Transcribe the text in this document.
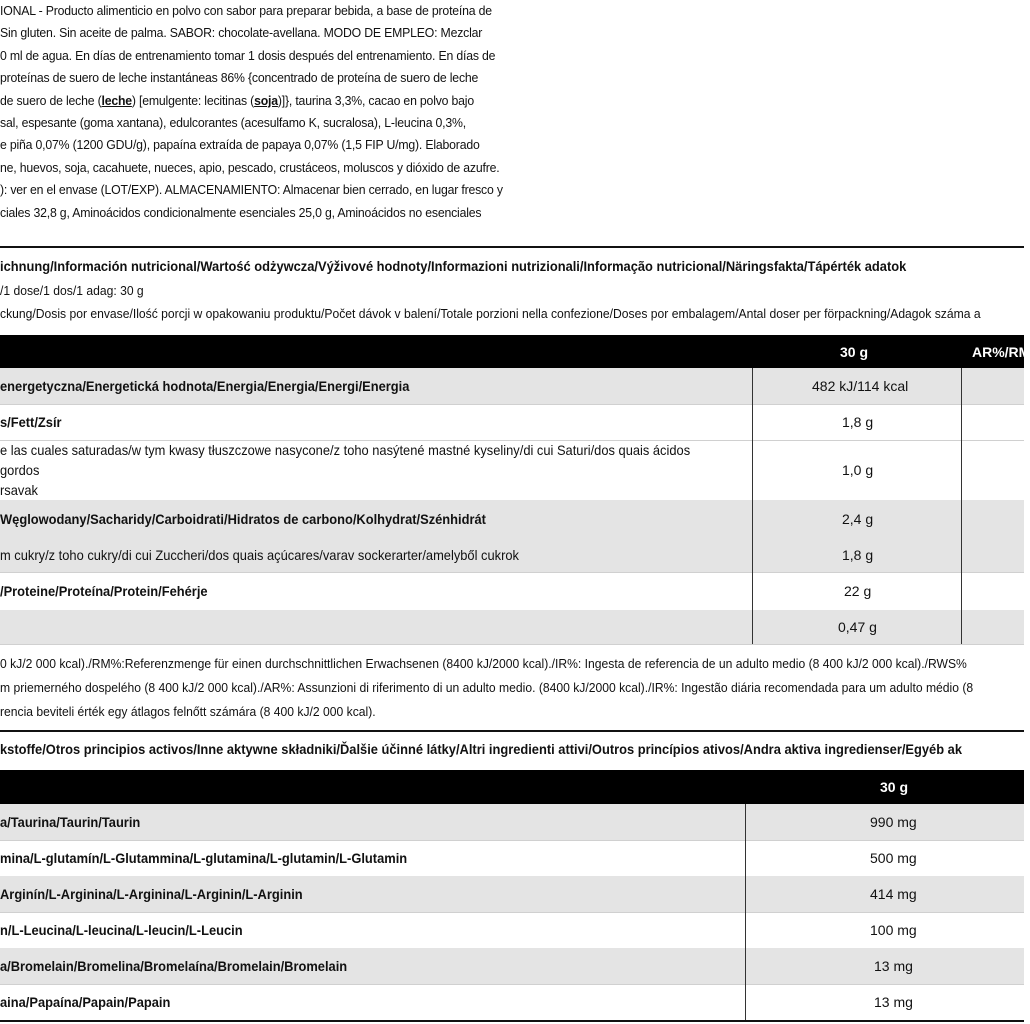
IONAL - Producto alimenticio en polvo con sabor para preparar bebida, a base de proteína de
Sin gluten. Sin aceite de palma. SABOR: chocolate-avellana. MODO DE EMPLEO: Mezclar
0 ml de agua. En días de entrenamiento tomar 1 dosis después del entrenamiento. En días de
proteínas de suero de leche instantáneas 86% {concentrado de proteína de suero de leche
de suero de leche (leche) [emulgente: lecitinas (soja)]}, taurina 3,3%, cacao en polvo bajo
sal, espesante (goma xantana), edulcorantes (acesulfamo K, sucralosa), L-leucina 0,3%,
e piña 0,07% (1200 GDU/g), papaína extraída de papaya 0,07% (1,5 FIP U/mg). Elaborado
ne, huevos, soja, cacahuete, nueces, apio, pescado, crustáceos, moluscos y dióxido de azufre.
): ver en el envase (LOT/EXP). ALMACENAMIENTO: Almacenar bien cerrado, en lugar fresco y
ciales 32,8 g, Aminoácidos condicionalmente esenciales 25,0 g, Aminoácidos no esenciales
ichnung/Información nutricional/Wartość odżywcza/Výživové hodnoty/Informazioni nutrizionali/Informação nutricional/Näringsfakta/Tápérték adatok
/1 dose/1 dos/1 adag: 30 g
ckung/Dosis por envase/Ilość porcji w opakowaniu produktu/Počet dávok v balení/Totale porzioni nella confezione/Doses por embalagem/Antal doser per förpackning/Adagok száma a
30 g	AR%/RM
energetyczna/Energetická hodnota/Energia/Energia/Energi/Energia	482 kJ/114 kcal
s/Fett/Zsír	1,8 g
e las cuales saturadas/w tym kwasy tłuszczowe nasycone/z toho nasýtené mastné kyseliny/di cui Saturi/dos quais ácidos gordos
rsavak
1,0 g
Węglowodany/Sacharidy/Carboidrati/Hidratos de carbono/Kolhydrat/Szénhidrát	2,4 g
m cukry/z toho cukry/di cui Zuccheri/dos quais açúcares/varav sockerarter/amelyből cukrok	1,8 g
/Proteine/Proteína/Protein/Fehérje	22 g
0,47 g
0 kJ/2 000 kcal)./RM%:Referenzmenge für einen durchschnittlichen Erwachsenen (8400 kJ/2000 kcal)./IR%: Ingesta de referencia de un adulto medio (8 400 kJ/2 000 kcal)./RWS%
m priemerného dospelého (8 400 kJ/2 000 kcal)./AR%: Assunzioni di riferimento di un adulto medio. (8400 kJ/2000 kcal)./IR%: Ingestão diária recomendada para um adulto médio (8
rencia beviteli érték egy átlagos felnőtt számára (8 400 kJ/2 000 kcal).
kstoffe/Otros principios activos/Inne aktywne składniki/Ďalšie účinné látky/Altri ingredienti attivi/Outros princípios ativos/Andra aktiva ingredienser/Egyéb ak
30 g
a/Taurina/Taurin/Taurin	990 mg
mina/L-glutamín/L-Glutammina/L-glutamina/L-glutamin/L-Glutamin	500 mg
Arginín/L-Arginina/L-Arginina/L-Arginin/L-Arginin	414 mg
n/L-Leucina/L-leucina/L-leucin/L-Leucin	100 mg
a/Bromelain/Bromelina/Bromelaína/Bromelain/Bromelain	13 mg
aina/Papaína/Papain/Papain	13 mg
